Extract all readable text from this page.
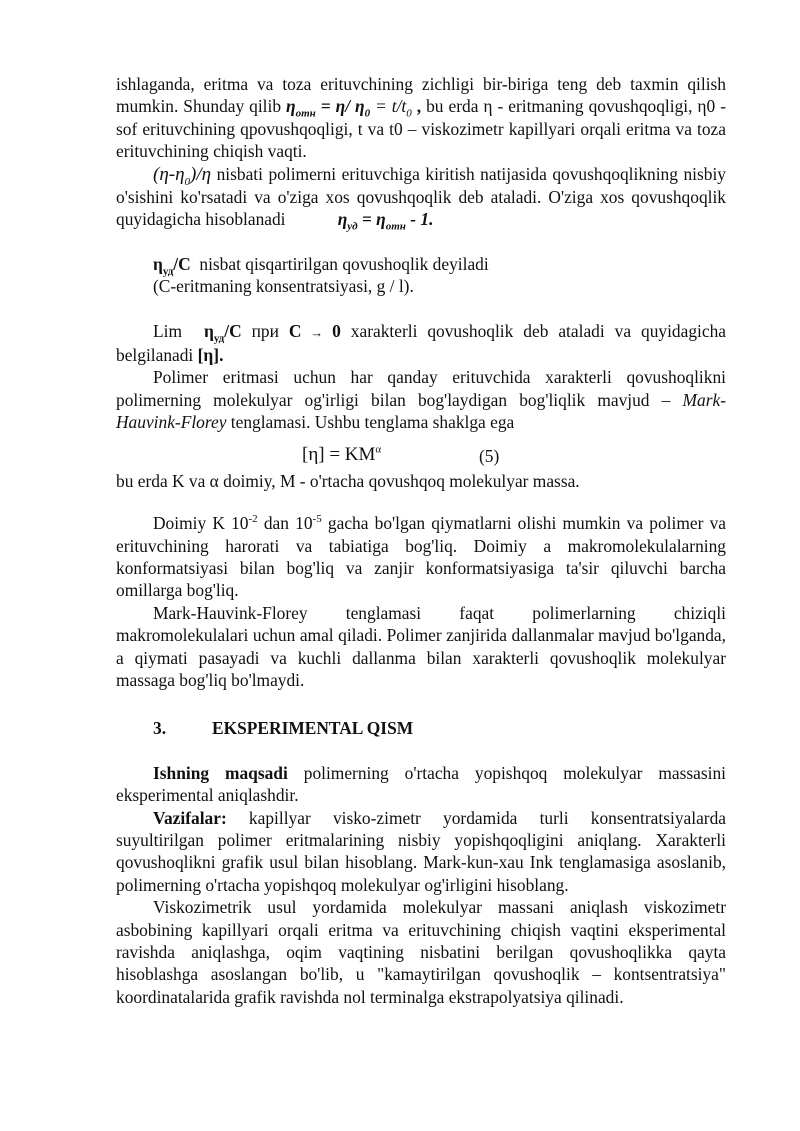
ishlaganda, eritma va toza erituvchining zichligi bir-biriga teng deb taxmin qilish mumkin. Shunday qilib $\eta_{отн} = \eta/$ $\eta_0 = t/t_0$ , bu erda η - eritmaning qovushqoqligi, η0 - sof erituvchining qpovushqoqligi, t va t0 – viskozimetr kapillyari orqali eritma va toza erituvchining chiqish vaqti.

$(\eta-\eta_0)/\eta$ nisbati polimerni erituvchiga kiritish natijasida qovushqoqlikning nisbiy o'sishini ko'rsatadi va o'ziga xos qovushqoqlik deb ataladi. O'ziga xos qovushqoqlik quyidagicha hisoblanadi	$\eta_{уд} = \eta_{отн} - 1$.

$\eta_{уд}/C$  nisbat qisqartirilgan qovushoqlik deyiladi

(C-eritmaning konsentratsiyasi, g / l).

Lim $\eta_{уд}/C$ при C → 0 xarakterli qovushoqlik deb ataladi va quyidagicha belgilanadi [η].

Polimer eritmasi uchun har qanday erituvchida xarakterli qovushoqlikni polimerning molekulyar og'irligi bilan bog'laydigan bog'liqlik mavjud – Mark-Hauvink-Florey tenglamasi. Ushbu tenglama shaklga ega

$[\eta] = KM^\alpha$	(5)

bu erda K va α doimiy, M - o'rtacha qovushqoq molekulyar massa.

Doimiy K $10^{-2}$ dan $10^{-5}$ gacha bo'lgan qiymatlarni olishi mumkin va polimer va erituvchining harorati va tabiatiga bog'liq. Doimiy a makromolekulalarning konformatsiyasi bilan bog'liq va zanjir konformatsiyasiga ta'sir qiluvchi barcha omillarga bog'liq.

Mark-Hauvink-Florey tenglamasi faqat polimerlarning chiziqli makromolekulalari uchun amal qiladi. Polimer zanjirida dallanmalar mavjud bo'lganda, a qiymati pasayadi va kuchli dallanma bilan xarakterli qovushoqlik molekulyar massaga bog'liq bo'lmaydi.

3.	EKSPERIMENTAL QISM

Ishning maqsadi polimerning o'rtacha yopishqoq molekulyar massasini eksperimental aniqlashdir.

Vazifalar: kapillyar visko-zimetr yordamida turli konsentratsiyalarda suyultirilgan polimer eritmalarining nisbiy yopishqoqligini aniqlang. Xarakterli qovushoqlikni grafik usul bilan hisoblang. Mark-kun-xau Ink tenglamasiga asoslanib, polimerning o'rtacha yopishqoq molekulyar og'irligini hisoblang.

Viskozimetrik usul yordamida molekulyar massani aniqlash viskozimetr asbobining kapillyari orqali eritma va erituvchining chiqish vaqtini eksperimental ravishda aniqlashga, oqim vaqtining nisbatini berilgan qovushoqlikka qayta hisoblashga asoslangan bo'lib, u "kamaytirilgan qovushoqlik – kontsentratsiya" koordinatalarida grafik ravishda nol terminalga ekstrapolyatsiya qilinadi.
